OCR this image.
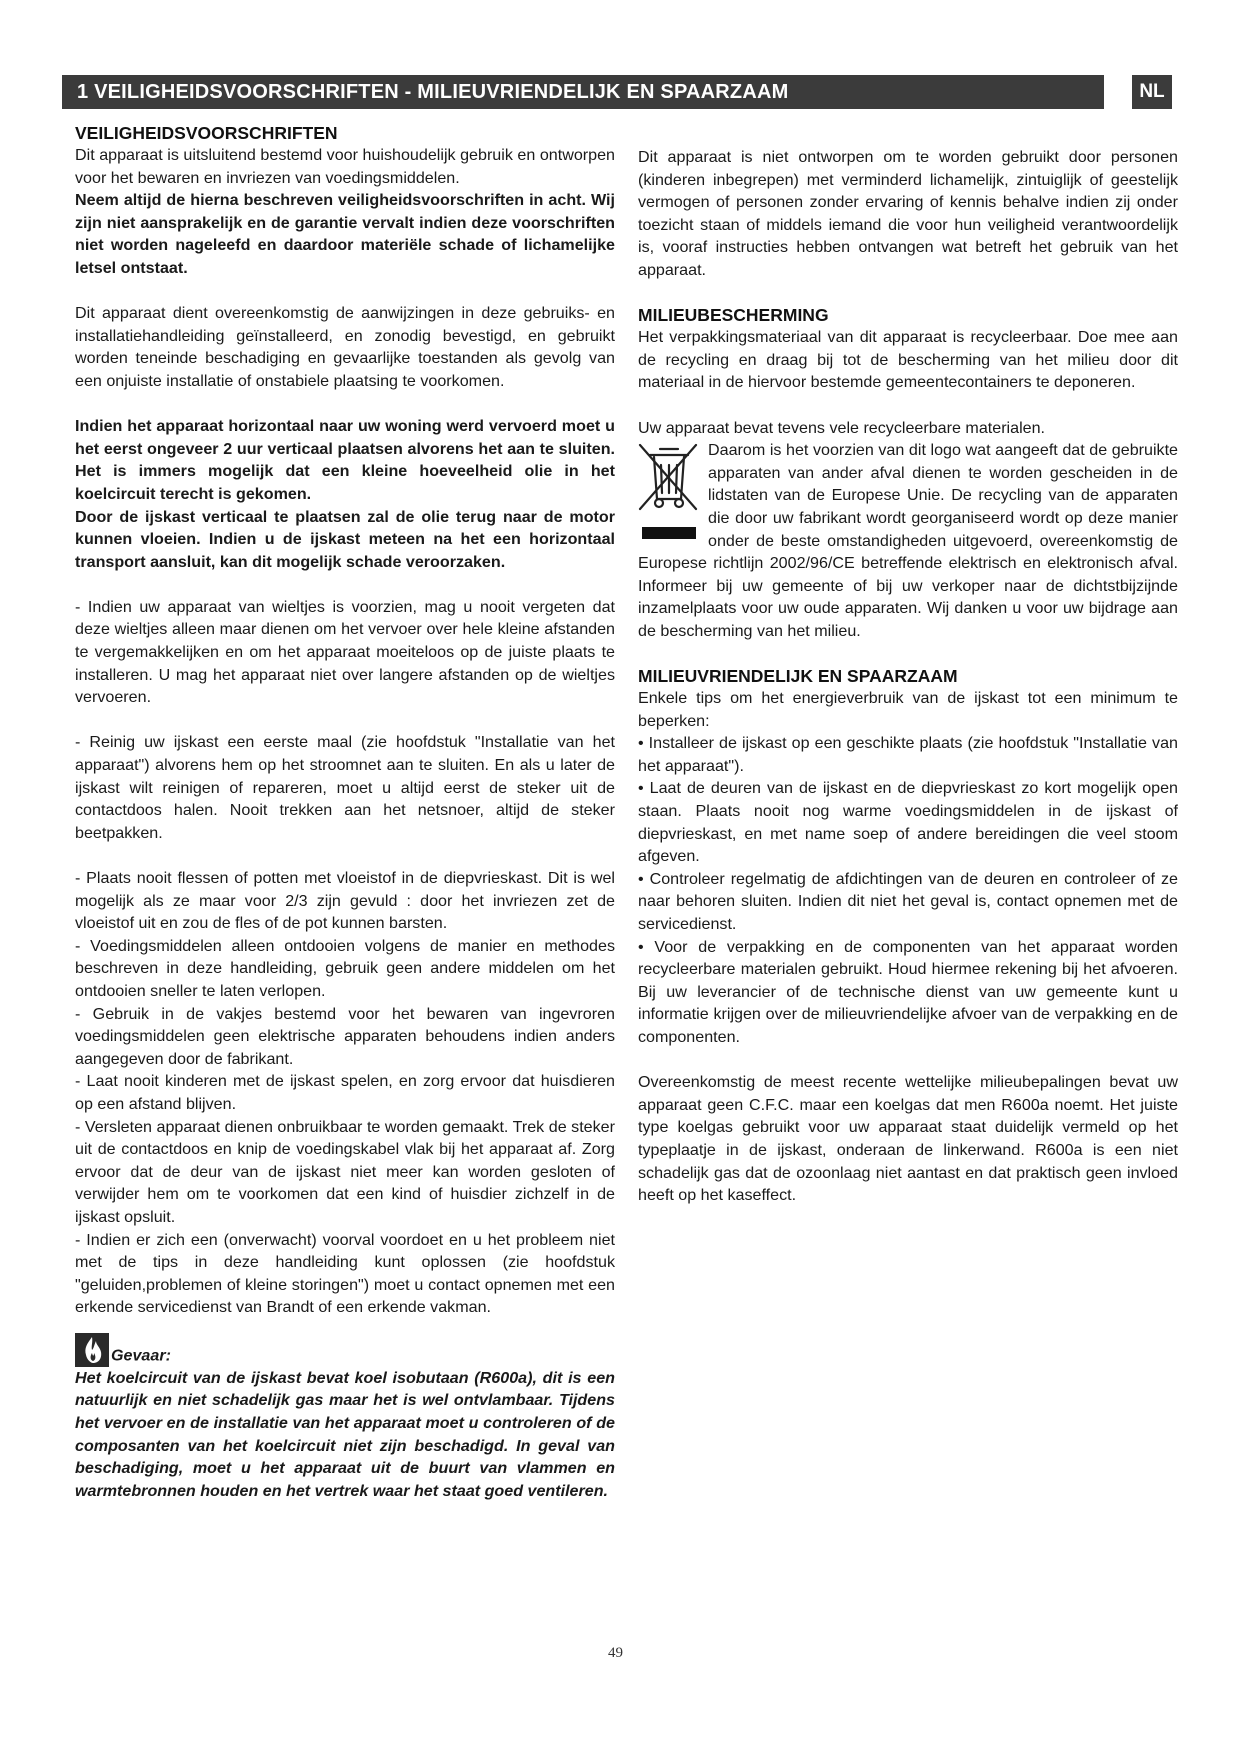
1 VEILIGHEIDSVOORSCHRIFTEN - MILIEUVRIENDELIJK EN SPAARZAAM	NL

VEILIGHEIDSVOORSCHRIFTEN

Dit apparaat is uitsluitend bestemd voor huishoudelijk gebruik en ontworpen voor het bewaren en invriezen van voedingsmiddelen.

Neem altijd de hierna beschreven veiligheidsvoorschriften in acht. Wij zijn niet aansprakelijk en de garantie vervalt indien deze voorschriften niet worden nageleefd en daardoor materiële schade of lichamelijke letsel ontstaat.

Dit apparaat dient overeenkomstig de aanwijzingen in deze gebruiks- en installatiehandleiding geïnstalleerd, en zonodig bevestigd, en gebruikt worden teneinde beschadiging en gevaarlijke toestanden als gevolg van een onjuiste installatie of onstabiele plaatsing te voorkomen.

Indien het apparaat horizontaal naar uw woning werd vervoerd moet u het eerst ongeveer 2 uur verticaal plaatsen alvorens het aan te sluiten. Het is immers mogelijk dat een kleine hoeveelheid olie in het koelcircuit terecht is gekomen.

Door de ijskast verticaal te plaatsen zal de olie terug naar de motor kunnen vloeien. Indien u de ijskast meteen na het een horizontaal transport aansluit, kan dit mogelijk schade veroorzaken.

- Indien uw apparaat van wieltjes is voorzien, mag u nooit vergeten dat deze wieltjes alleen maar dienen om het vervoer over hele kleine afstanden te vergemakkelijken en om het apparaat moeiteloos op de juiste plaats te installeren. U mag het apparaat niet over langere afstanden op de wieltjes vervoeren.

- Reinig uw ijskast een eerste maal (zie hoofdstuk "Installatie van het apparaat") alvorens hem op het stroomnet aan te sluiten. En als u later de ijskast wilt reinigen of repareren, moet u altijd eerst de steker uit de contactdoos halen. Nooit trekken aan het netsnoer, altijd de steker beetpakken.

- Plaats nooit flessen of potten met vloeistof in de diepvrieskast. Dit is wel mogelijk als ze maar voor 2/3 zijn gevuld : door het invriezen zet de vloeistof uit en zou de fles of de pot kunnen barsten.

- Voedingsmiddelen alleen ontdooien volgens de manier en methodes beschreven in deze handleiding, gebruik geen andere middelen om het ontdooien sneller te laten verlopen.

- Gebruik in de vakjes bestemd voor het bewaren van ingevroren voedingsmiddelen geen elektrische apparaten behoudens indien anders aangegeven door de fabrikant.

- Laat nooit kinderen met de ijskast spelen, en zorg ervoor dat huisdieren op een afstand blijven.

- Versleten apparaat dienen onbruikbaar te worden gemaakt. Trek de steker uit de contactdoos en knip de voedingskabel vlak bij het apparaat af. Zorg ervoor dat de deur van de ijskast niet meer kan worden gesloten of verwijder hem om te voorkomen dat een kind of huisdier zichzelf in de ijskast opsluit.

- Indien er zich een (onverwacht) voorval voordoet en u het probleem niet met de tips in deze handleiding kunt oplossen (zie hoofdstuk "geluiden,problemen of kleine storingen") moet u contact opnemen met een erkende servicedienst van Brandt of een erkende vakman.

Gevaar:

Het koelcircuit van de ijskast bevat koel isobutaan (R600a), dit is een natuurlijk en niet schadelijk gas maar het is wel ontvlambaar. Tijdens het vervoer en de installatie van het apparaat moet u controleren of de composanten van het koelcircuit niet zijn beschadigd. In geval van beschadiging, moet u het apparaat uit de buurt van vlammen en warmtebronnen houden en het vertrek waar het staat goed ventileren.

Dit apparaat is niet ontworpen om te worden gebruikt door personen (kinderen inbegrepen) met verminderd lichamelijk, zintuiglijk of geestelijk vermogen of personen zonder ervaring of kennis behalve indien zij onder toezicht staan of middels iemand die voor hun veiligheid verantwoordelijk is, vooraf instructies hebben ontvangen wat betreft het gebruik van het apparaat.

MILIEUBESCHERMING

Het verpakkingsmateriaal van dit apparaat is recycleerbaar. Doe mee aan de recycling en draag bij tot de bescherming van het milieu door dit materiaal in de hiervoor bestemde gemeentecontainers te deponeren.

Uw apparaat bevat tevens vele recycleerbare materialen.

Daarom is het voorzien van dit logo wat aangeeft dat de gebruikte apparaten van ander afval dienen te worden gescheiden in de lidstaten van de Europese Unie. De recycling van de apparaten die door uw fabrikant wordt georganiseerd wordt op deze manier onder de beste omstandigheden uitgevoerd, overeenkomstig de Europese richtlijn 2002/96/CE betreffende elektrisch en elektronisch afval. Informeer bij uw gemeente of bij uw verkoper naar de dichtstbijzijnde inzamelplaats voor uw oude apparaten. Wij danken u voor uw bijdrage aan de bescherming van het milieu.

MILIEUVRIENDELIJK EN SPAARZAAM

Enkele tips om het energieverbruik van de ijskast tot een minimum te beperken:

• Installeer de ijskast op een geschikte plaats (zie hoofdstuk "Installatie van het apparaat").

• Laat de deuren van de ijskast en de diepvrieskast zo kort mogelijk open staan. Plaats nooit nog warme voedingsmiddelen in de ijskast of diepvrieskast, en met name soep of andere bereidingen die veel stoom afgeven.

• Controleer regelmatig de afdichtingen van de deuren en controleer of ze naar behoren sluiten. Indien dit niet het geval is, contact opnemen met de servicedienst.

• Voor de verpakking en de componenten van het apparaat worden recycleerbare materialen gebruikt. Houd hiermee rekening bij het afvoeren. Bij uw leverancier of de technische dienst van uw gemeente kunt u informatie krijgen over de milieuvriendelijke afvoer van de verpakking en de componenten.

Overeenkomstig de meest recente wettelijke milieubepalingen bevat uw apparaat geen C.F.C. maar een koelgas dat men R600a noemt. Het juiste type koelgas gebruikt voor uw apparaat staat duidelijk vermeld op het typeplaatje in de ijskast, onderaan de linkerwand. R600a is een niet schadelijk gas dat de ozoonlaag niet aantast en dat praktisch geen invloed heeft op het kaseffect.

49
